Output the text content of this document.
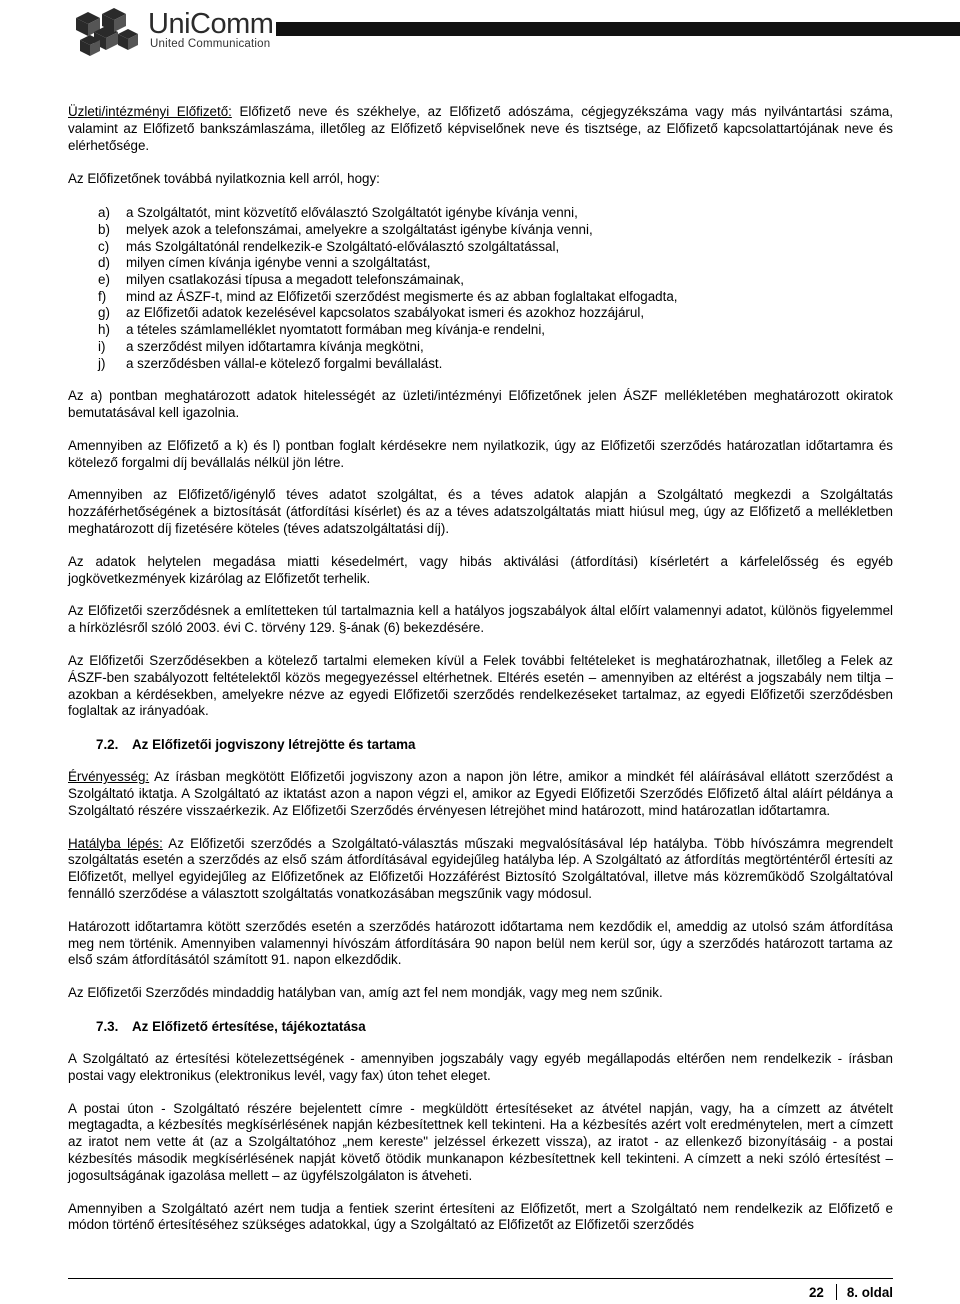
UniComm
United Communication

Üzleti/intézményi Előfizető: Előfizető neve és székhelye, az Előfizető adószáma, cégjegyzékszáma vagy más nyilvántartási száma, valamint az Előfizető bankszámlaszáma, illetőleg az Előfizető képviselőnek neve és tisztsége, az Előfizető kapcsolattartójának neve és elérhetősége.

Az Előfizetőnek továbbá nyilatkoznia kell arról, hogy:

a) a Szolgáltatót, mint közvetítő előválasztó Szolgáltatót igénybe kívánja venni,
b) melyek azok a telefonszámai, amelyekre a szolgáltatást igénybe kívánja venni,
c) más Szolgáltatónál rendelkezik-e Szolgáltató-előválasztó szolgáltatással,
d) milyen címen kívánja igénybe venni a szolgáltatást,
e) milyen csatlakozási típusa a megadott telefonszámainak,
f) mind az ÁSZF-t, mind az Előfizetői szerződést megismerte és az abban foglaltakat elfogadta,
g) az Előfizetői adatok kezelésével kapcsolatos szabályokat ismeri és azokhoz hozzájárul,
h) a tételes számlamelléklet nyomtatott formában meg kívánja-e rendelni,
i) a szerződést milyen időtartamra kívánja megkötni,
j) a szerződésben vállal-e kötelező forgalmi bevállalást.

Az a) pontban meghatározott adatok hitelességét az üzleti/intézményi Előfizetőnek jelen ÁSZF mellékletében meghatározott okiratok bemutatásával kell igazolnia.

Amennyiben az Előfizető a k) és l) pontban foglalt kérdésekre nem nyilatkozik, úgy az Előfizetői szerződés határozatlan időtartamra és kötelező forgalmi díj bevállalás nélkül jön létre.

Amennyiben az Előfizető/igénylő téves adatot szolgáltat, és a téves adatok alapján a Szolgáltató megkezdi a Szolgáltatás hozzáférhetőségének a biztosítását (átfordítási kísérlet) és az a téves adatszolgáltatás miatt hiúsul meg, úgy az Előfizető a mellékletben meghatározott díj fizetésére köteles (téves adatszolgáltatási díj).

Az adatok helytelen megadása miatti késedelmért, vagy hibás aktiválási (átfordítási) kísérletért a kárfelelősség és egyéb jogkövetkezmények kizárólag az Előfizetőt terhelik.

Az Előfizetői szerződésnek a említetteken túl tartalmaznia kell a hatályos jogszabályok által előírt valamennyi adatot, különös figyelemmel a hírközlésről szóló 2003. évi C. törvény 129. §-ának (6) bekezdésére.

Az Előfizetői Szerződésekben a kötelező tartalmi elemeken kívül a Felek további feltételeket is meghatározhatnak, illetőleg a Felek az ÁSZF-ben szabályozott feltételektől közös megegyezéssel eltérhetnek. Eltérés esetén – amennyiben az eltérést a jogszabály nem tiltja – azokban a kérdésekben, amelyekre nézve az egyedi Előfizetői szerződés rendelkezéseket tartalmaz, az egyedi Előfizetői szerződésben foglaltak az irányadóak.

7.2. Az Előfizetői jogviszony létrejötte és tartama

Érvényesség: Az írásban megkötött Előfizetői jogviszony azon a napon jön létre, amikor a mindkét fél aláírásával ellátott szerződést a Szolgáltató iktatja. A Szolgáltató az iktatást azon a napon végzi el, amikor az Egyedi Előfizetői Szerződés Előfizető által aláírt példánya a Szolgáltató részére visszaérkezik. Az Előfizetői Szerződés érvényesen létrejöhet mind határozott, mind határozatlan időtartamra.

Hatályba lépés: Az Előfizetői szerződés a Szolgáltató-választás műszaki megvalósításával lép hatályba. Több hívószámra megrendelt szolgáltatás esetén a szerződés az első szám átfordításával egyidejűleg hatályba lép. A Szolgáltató az átfordítás megtörténtéről értesíti az Előfizetőt, mellyel egyidejűleg az Előfizetőnek az Előfizetői Hozzáférést Biztosító Szolgáltatóval, illetve más közreműködő Szolgáltatóval fennálló szerződése a választott szolgáltatás vonatkozásában megszűnik vagy módosul.

Határozott időtartamra kötött szerződés esetén a szerződés határozott időtartama nem kezdődik el, ameddig az utolsó szám átfordítása meg nem történik. Amennyiben valamennyi hívószám átfordítására 90 napon belül nem kerül sor, úgy a szerződés határozott tartama az első szám átfordításától számított 91. napon elkezdődik.

Az Előfizetői Szerződés mindaddig hatályban van, amíg azt fel nem mondják, vagy meg nem szűnik.

7.3. Az Előfizető értesítése, tájékoztatása

A Szolgáltató az értesítési kötelezettségének - amennyiben jogszabály vagy egyéb megállapodás eltérően nem rendelkezik - írásban postai vagy elektronikus (elektronikus levél, vagy fax) úton tehet eleget.

A postai úton - Szolgáltató részére bejelentett címre - megküldött értesítéseket az átvétel napján, vagy, ha a címzett az átvételt megtagadta, a kézbesítés megkísérlésének napján kézbesítettnek kell tekinteni. Ha a kézbesítés azért volt eredménytelen, mert a címzett az iratot nem vette át (az a Szolgáltatóhoz „nem kereste" jelzéssel érkezett vissza), az iratot - az ellenkező bizonyításáig - a postai kézbesítés második megkísérlésének napját követő ötödik munkanapon kézbesítettnek kell tekinteni. A címzett a neki szóló értesítést – jogosultságának igazolása mellett – az ügyfélszolgálaton is átveheti.

Amennyiben a Szolgáltató azért nem tudja a fentiek szerint értesíteni az Előfizetőt, mert a Szolgáltató nem rendelkezik az Előfizető e módon történő értesítéséhez szükséges adatokkal, úgy a Szolgáltató az Előfizetőt az Előfizetői szerződés

22 8. oldal
